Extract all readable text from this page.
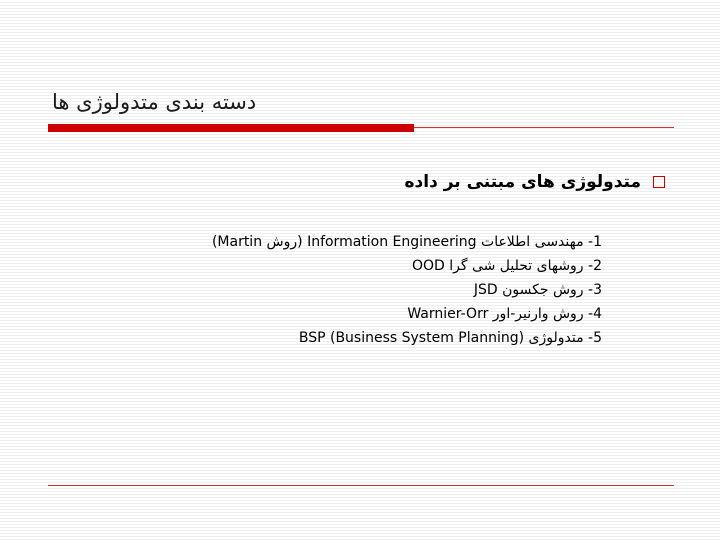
دسته بندی متدولوژی ها
متدولوژی های مبتنی بر داده
1- مهندسی اطلاعات Information Engineering (روش Martin)
2- روشهای تحلیل شی گرا OOD
3- روش جکسون JSD
4- روش وارنیر-اور Warnier-Orr
5- متدولوژی (Business System Planning) BSP
